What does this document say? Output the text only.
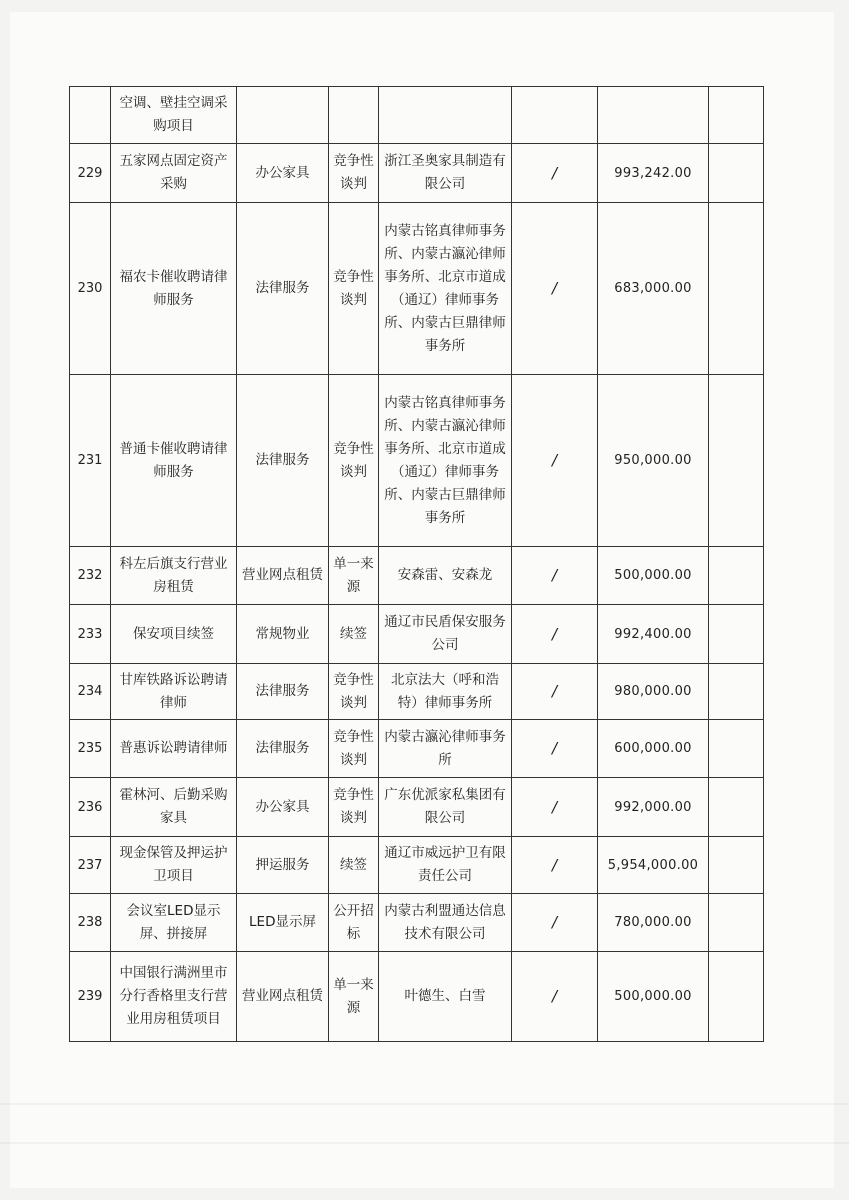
	空调、壁挂空调采购项目						
229	五家网点固定资产采购	办公家具	竞争性谈判	浙江圣奥家具制造有限公司	/	993,242.00	
230	福农卡催收聘请律师服务	法律服务	竞争性谈判	内蒙古铭真律师事务所、内蒙古瀛沁律师事务所、北京市道成（通辽）律师事务所、内蒙古巨鼎律师事务所	/	683,000.00	
231	普通卡催收聘请律师服务	法律服务	竞争性谈判	内蒙古铭真律师事务所、内蒙古瀛沁律师事务所、北京市道成（通辽）律师事务所、内蒙古巨鼎律师事务所	/	950,000.00	
232	科左后旗支行营业房租赁	营业网点租赁	单一来源	安森雷、安森龙	/	500,000.00	
233	保安项目续签	常规物业	续签	通辽市民盾保安服务公司	/	992,400.00	
234	甘库铁路诉讼聘请律师	法律服务	竞争性谈判	北京法大（呼和浩特）律师事务所	/	980,000.00	
235	普惠诉讼聘请律师	法律服务	竞争性谈判	内蒙古瀛沁律师事务所	/	600,000.00	
236	霍林河、后勤采购家具	办公家具	竞争性谈判	广东优派家私集团有限公司	/	992,000.00	
237	现金保管及押运护卫项目	押运服务	续签	通辽市威远护卫有限责任公司	/	5,954,000.00	
238	会议室LED显示屏、拼接屏	LED显示屏	公开招标	内蒙古利盟通达信息技术有限公司	/	780,000.00	
239	中国银行满洲里市分行香格里支行营业用房租赁项目	营业网点租赁	单一来源	叶德生、白雪	/	500,000.00	
